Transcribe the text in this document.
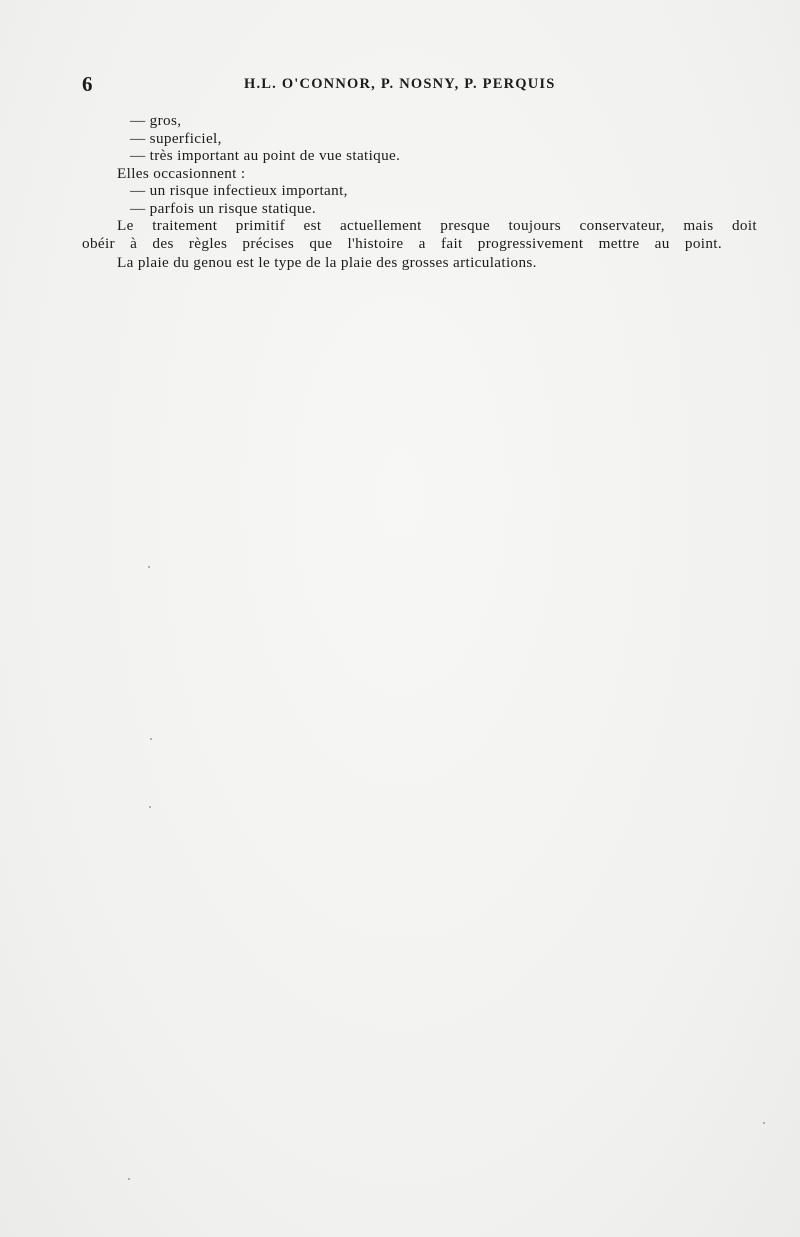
6	H.L. O'CONNOR, P. NOSNY, P. PERQUIS
— gros,
— superficiel,
— très important au point de vue statique.
Elles occasionnent :
— un risque infectieux important,
— parfois un risque statique.
Le traitement primitif est actuellement presque toujours conservateur, mais doit
obéir à des règles précises que l'histoire a fait progressivement mettre au point.
La plaie du genou est le type de la plaie des grosses articulations.
